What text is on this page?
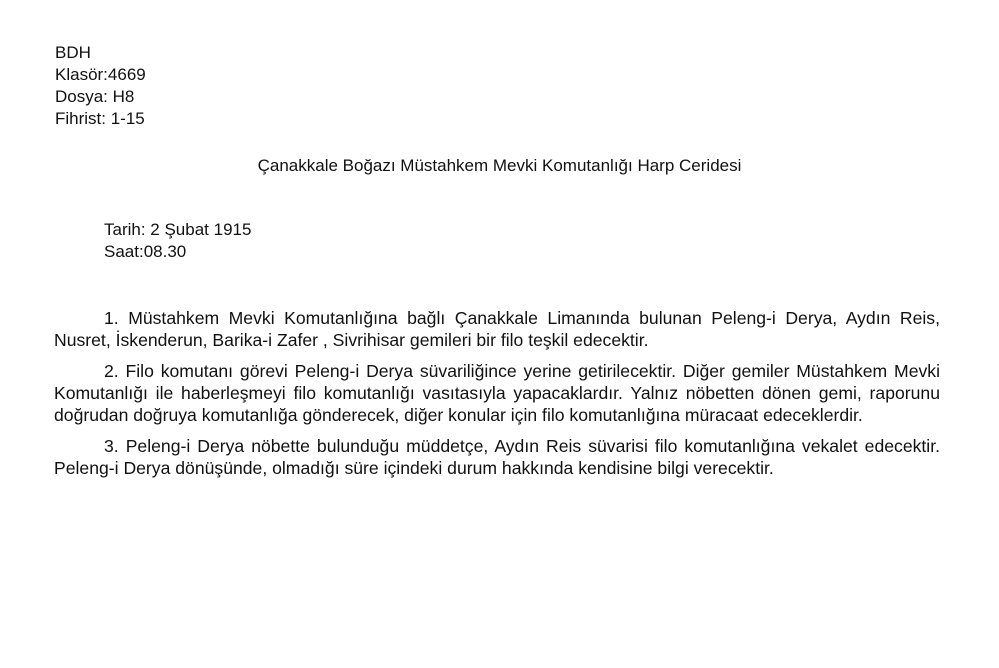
BDH
Klasör:4669
Dosya: H8
Fihrist: 1-15
Çanakkale Boğazı Müstahkem Mevki Komutanlığı Harp Ceridesi
Tarih: 2 Şubat 1915
Saat:08.30

1. Müstahkem Mevki Komutanlığına bağlı Çanakkale Limanında bulunan Peleng-i Derya, Aydın Reis, Nusret, İskenderun, Barika-i Zafer , Sivrihisar gemileri bir filo teşkil edecektir.

2. Filo komutanı görevi Peleng-i Derya süvariliğince yerine getirilecektir. Diğer gemiler Müstahkem Mevki Komutanlığı ile haberleşmeyi filo komutanlığı vasıtasıyla yapacaklardır. Yalnız nöbetten dönen gemi, raporunu doğrudan doğruya komutanlığa gönderecek, diğer konular için filo komutanlığına müracaat edeceklerdir.

3. Peleng-i Derya nöbette bulunduğu müddetçe, Aydın Reis süvarisi filo komutanlığına vekalet edecektir. Peleng-i Derya dönüşünde, olmadığı süre içindeki durum hakkında kendisine bilgi verecektir.
